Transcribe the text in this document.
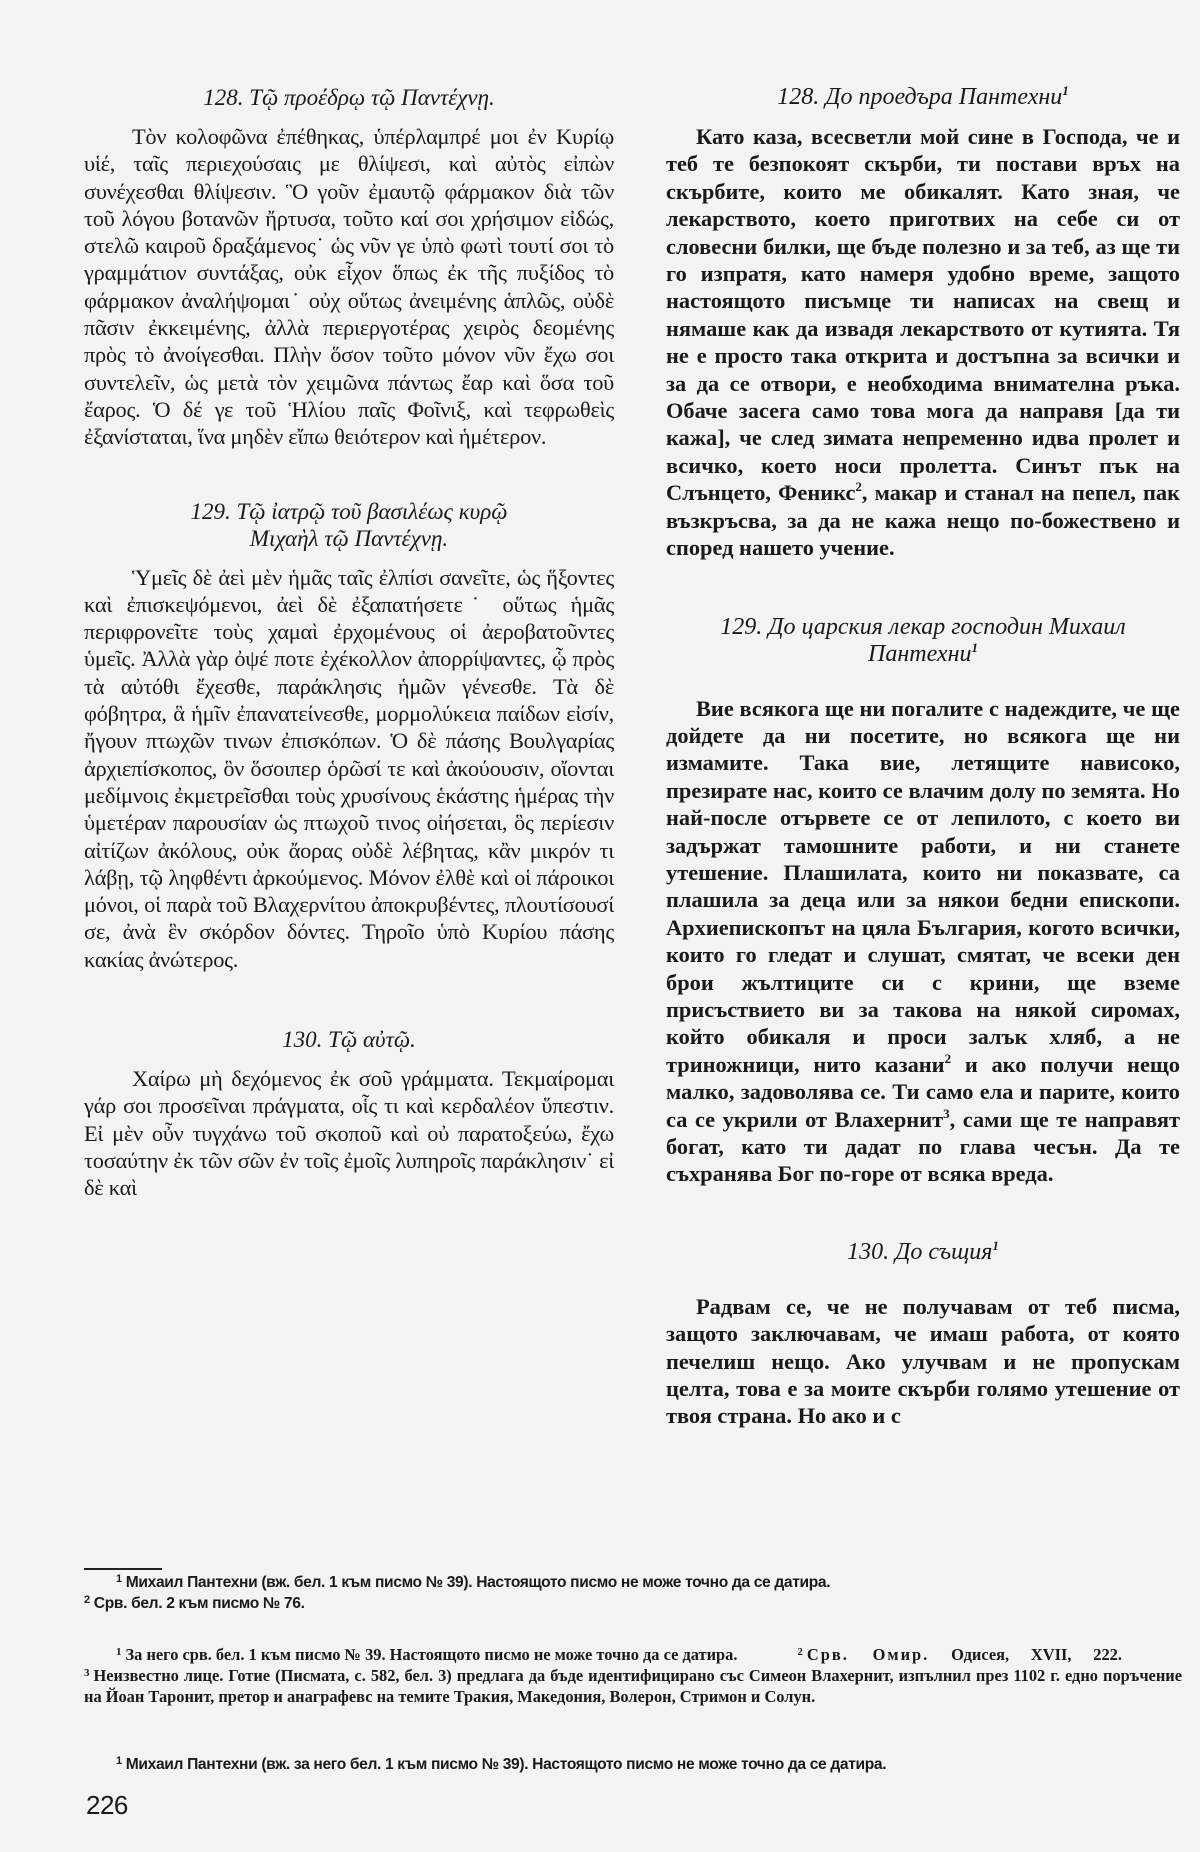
128. Τῷ προέδρῳ τῷ Παντέχνῃ.

Τὸν κολοφῶνα ἐπέθηκας, ὑπέρλαμπρέ μοι ἐν Κυρίῳ υἱέ, ταῖς περιεχούσαις με θλίψεσι, καὶ αὐτὸς εἰπὼν συνέχεσθαι θλίψεσιν. Ὃ γοῦν ἐμαυτῷ φάρμακον διὰ τῶν τοῦ λόγου βοτανῶν ἤρτυσα, τοῦτο καί σοι χρήσιμον εἰδώς, στελῶ καιροῦ δραξάμενος˙ ὡς νῦν γε ὑπὸ φωτὶ τουτί σοι τὸ γραμμάτιον συντάξας, οὐκ εἶχον ὅπως ἐκ τῆς πυξίδος τὸ φάρμακον ἀναλήψομαι˙ οὐχ οὕτως ἀνειμένης ἁπλῶς, οὐδὲ πᾶσιν ἐκκειμένης, ἀλλὰ περιεργοτέρας χειρὸς δεομένης πρὸς τὸ ἀνοίγεσθαι. Πλὴν ὅσον τοῦτο μόνον νῦν ἔχω σοι συντελεῖν, ὡς μετὰ τὸν χειμῶνα πάντως ἔαρ καὶ ὅσα τοῦ ἔαρος. Ὁ δέ γε τοῦ Ἡλίου παῖς Φοῖνιξ, καὶ τεφρωθεὶς ἐξανίσταται, ἵνα μηδὲν εἴπω θειότερον καὶ ἡμέτερον.

129. Τῷ ἰατρῷ τοῦ βασιλέως κυρῷ
Μιχαὴλ τῷ Παντέχνῃ.

Ὑμεῖς δὲ ἀεὶ μὲν ἡμᾶς ταῖς ἐλπίσι σανεῖτε, ὡς ἥξοντες καὶ ἐπισκεψόμενοι, ἀεὶ δὲ ἐξαπατήσετε˙ οὕτως ἡμᾶς περιφρονεῖτε τοὺς χαμαὶ ἐρχομένους οἱ ἀεροβατοῦντες ὑμεῖς. Ἀλλὰ γὰρ ὀψέ ποτε ἐχέκολλον ἀπορρίψαντες, ᾧ πρὸς τὰ αὐτόθι ἔχεσθε, παράκλησις ἡμῶν γένεσθε. Τὰ δὲ φόβητρα, ἃ ἡμῖν ἐπανατείνεσθε, μορμολύκεια παίδων εἰσίν, ἤγουν πτωχῶν τινων ἐπισκόπων. Ὁ δὲ πάσης Βουλγαρίας ἀρχιεπίσκοπος, ὃν ὅσοιπερ ὁρῶσί τε καὶ ἀκούουσιν, οἴονται μεδίμνοις ἐκμετρεῖσθαι τοὺς χρυσίνους ἑκάστης ἡμέρας τὴν ὑμετέραν παρουσίαν ὡς πτωχοῦ τινος οἰήσεται, ὃς περίεσιν αἰτίζων ἀκόλους, οὐκ ἄορας οὐδὲ λέβητας, κἂν μικρόν τι λάβῃ, τῷ ληφθέντι ἀρκούμενος. Μόνον ἐλθὲ καὶ οἱ πάροικοι μόνοι, οἱ παρὰ τοῦ Βλαχερνίτου ἀποκρυβέντες, πλουτίσουσί σε, ἀνὰ ἓν σκόρδον δόντες. Τηροῖο ὑπὸ Κυρίου πάσης κακίας ἀνώτερος.

130. Τῷ αὐτῷ.

Χαίρω μὴ δεχόμενος ἐκ σοῦ γράμματα. Τεκμαίρομαι γάρ σοι προσεῖναι πράγματα, οἷς τι καὶ κερδαλέον ὕπεστιν. Εἰ μὲν οὖν τυγχάνω τοῦ σκοποῦ καὶ οὐ παρατοξεύω, ἔχω τοσαύτην ἐκ τῶν σῶν ἐν τοῖς ἐμοῖς λυπηροῖς παράκλησιν˙ εἰ δὲ καὶ

128. До проедъра Пантехни$^1$

Като каза, всесветли мой сине в Господа, че и теб те безпокоят скърби, ти постави връх на скърбите, които ме обикалят. Като зная, че лекарството, което приготвих на себе си от словесни билки, ще бъде полезно и за теб, аз ще ти го изпратя, като намеря удобно време, защото настоящото писъмце ти написах на свещ и нямаше как да извадя лекарството от кутията. Тя не е просто така открита и достъпна за всички и за да се отвори, е необходима внимателна ръка. Обаче засега само това мога да направя [да ти кажа], че след зимата непременно идва пролет и всичко, което носи пролетта. Синът пък на Слънцето, Феникс$^2$, макар и станал на пепел, пак възкръсва, за да не кажа нещо по-божествено и според нашето учение.

129. До царския лекар господин Михаил
Пантехни$^1$

Вие всякога ще ни погалите с надеждите, че ще дойдете да ни посетите, но всякога ще ни измамите. Така вие, летящите нависоко, презирате нас, които се влачим долу по земята. Но най-после отървете се от лепилото, с което ви задържат тамошните работи, и ни станете утешение. Плашилата, които ни показвате, са плашила за деца или за някои бедни епископи. Архиепископът на цяла България, когото всички, които го гледат и слушат, смятат, че всеки ден брои жълтиците си с крини, ще вземе присъствието ви за такова на някой сиромах, който обикаля и проси залък хляб, а не триножници, нито казани$^2$ и ако получи нещо малко, задоволява се. Ти само ела и парите, които са се укрили от Влахернит$^3$, сами ще те направят богат, като ти дадат по глава чесън. Да те съхранява Бог по-горе от всяка вреда.

130. До същия$^1$

Радвам се, че не получавам от теб писма, защото заключавам, че имаш работа, от която печелиш нещо. Ако улучвам и не пропускам целта, това е за моите скърби голямо утешение от твоя страна. Но ако и с

$^1$ Михаил Пантехни (вж. бел. 1 към писмо № 39). Настоящото писмо не може точно да се датира.
$^2$ Срв. бел. 2 към писмо № 76.
$^1$ За него срв. бел. 1 към писмо № 39. Настоящото писмо не може точно да се датира.	$^2$ Срв. Омир. Одисея, XVII, 222.$^3$ Неизвестно лице. Готие (Писмата, с. 582, бел. 3) предлага да бъде идентифицирано със Симеон Влахернит, изпълнил през 1102 г. едно поръчение на Йоан Таронит, претор и анаграфевс на темите Тракия, Македония, Волерон, Стримон и Солун.
$^1$ Михаил Пантехни (вж. за него бел. 1 към писмо № 39). Настоящото писмо не може точно да се датира.
226
